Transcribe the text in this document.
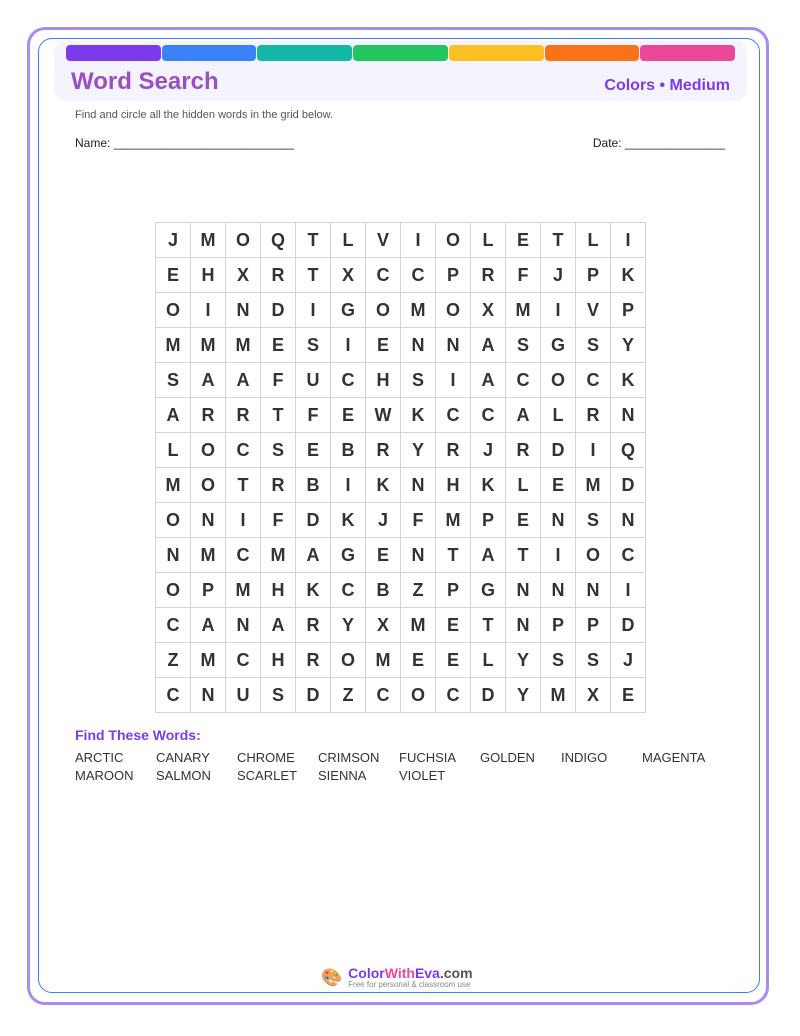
Word Search	Colors • Medium
Find and circle all the hidden words in the grid below.
Name: ___________________________	Date: _______________
J	M	O	Q	T	L	V	I	O	L	E	T	L	I
E	H	X	R	T	X	C	C	P	R	F	J	P	K
O	I	N	D	I	G	O	M	O	X	M	I	V	P
M	M	M	E	S	I	E	N	N	A	S	G	S	Y
S	A	A	F	U	C	H	S	I	A	C	O	C	K
A	R	R	T	F	E	W	K	C	C	A	L	R	N
L	O	C	S	E	B	R	Y	R	J	R	D	I	Q
M	O	T	R	B	I	K	N	H	K	L	E	M	D
O	N	I	F	D	K	J	F	M	P	E	N	S	N
N	M	C	M	A	G	E	N	T	A	T	I	O	C
O	P	M	H	K	C	B	Z	P	G	N	N	N	I
C	A	N	A	R	Y	X	M	E	T	N	P	P	D
Z	M	C	H	R	O	M	E	E	L	Y	S	S	J
C	N	U	S	D	Z	C	O	C	D	Y	M	X	E
Find These Words:
ARCTIC	CANARY	CHROME	CRIMSON	FUCHSIA	GOLDEN	INDIGO	MAGENTA
MAROON	SALMON	SCARLET	SIENNA	VIOLET
🎨 ColorWithEva.com
Free for personal & classroom use
